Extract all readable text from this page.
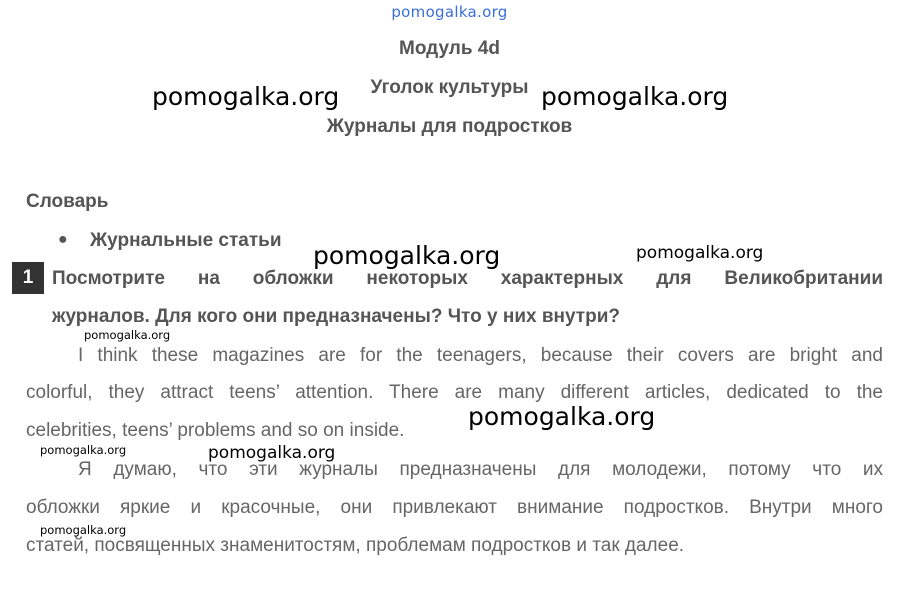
pomogalka.org
Модуль 4d
Уголок культуры
Журналы для подростков
pomogalka.org	pomogalka.org
pomogalka.org	pomogalka.org
pomogalka.org
pomogalka.org
pomogalka.org	pomogalka.org
pomogalka.org
Словарь
● Журнальные статьи
1 Посмотрите на обложки некоторых характерных для Великобритании
журналов. Для кого они предназначены? Что у них внутри?
I think these magazines are for the teenagers, because their covers are bright and
colorful, they attract teens’ attention. There are many different articles, dedicated to the
celebrities, teens’ problems and so on inside.
Я думаю, что эти журналы предназначены для молодежи, потому что их
обложки яркие и красочные, они привлекают внимание подростков. Внутри много
статей, посвященных знаменитостям, проблемам подростков и так далее.
